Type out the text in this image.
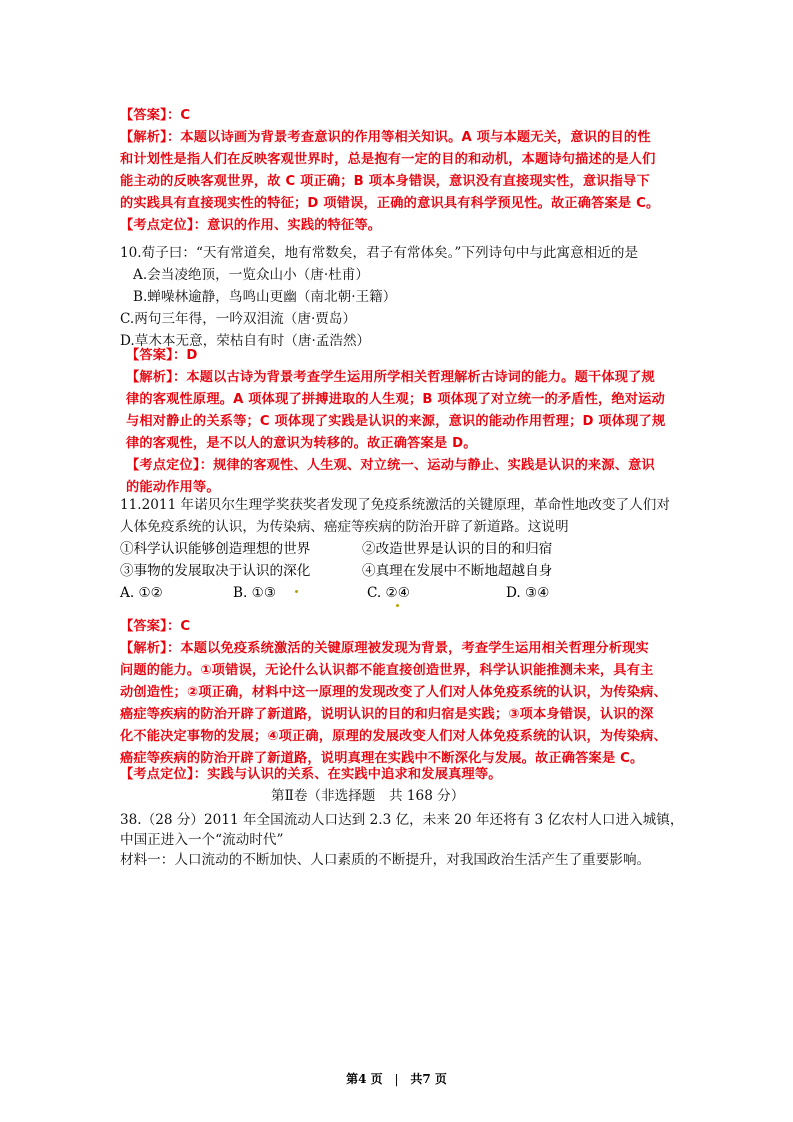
【答案】：C
【解析】：本题以诗画为背景考查意识的作用等相关知识。A 项与本题无关，意识的目的性
和计划性是指人们在反映客观世界时，总是抱有一定的目的和动机，本题诗句描述的是人们
能主动的反映客观世界，故 C 项正确；B 项本身错误，意识没有直接现实性，意识指导下
的实践具有直接现实性的特征；D 项错误，正确的意识具有科学预见性。故正确答案是 C。
【考点定位】：意识的作用、实践的特征等。
10.荀子曰：“天有常道矣，地有常数矣，君子有常体矣。”下列诗句中与此寓意相近的是
A.会当凌绝顶，一览众山小（唐·杜甫）
B.蝉噪林逾静，鸟鸣山更幽（南北朝·王籍）
C.两句三年得，一吟双泪流（唐·贾岛）
D.草木本无意，荣枯自有时（唐·孟浩然）
【答案】：D
【解析】：本题以古诗为背景考查学生运用所学相关哲理解析古诗词的能力。题干体现了规
律的客观性原理。A 项体现了拼搏进取的人生观；B 项体现了对立统一的矛盾性，绝对运动
与相对静止的关系等；C 项体现了实践是认识的来源，意识的能动作用哲理；D 项体现了规
律的客观性，是不以人的意识为转移的。故正确答案是 D。
【考点定位】：规律的客观性、人生观、对立统一、运动与静止、实践是认识的来源、意识
的能动作用等。
11.2011 年诺贝尔生理学奖获奖者发现了免疫系统激活的关键原理，革命性地改变了人们对
人体免疫系统的认识，为传染病、癌症等疾病的防治开辟了新道路。这说明
①科学认识能够创造理想的世界	②改造世界是认识的目的和归宿
③事物的发展取决于认识的深化	④真理在发展中不断地超越自身
A. ①②	B. ①③	C. ②④	D. ③④
【答案】：C
【解析】：本题以免疫系统激活的关键原理被发现为背景，考查学生运用相关哲理分析现实
问题的能力。①项错误，无论什么认识都不能直接创造世界，科学认识能推测未来，具有主
动创造性；②项正确，材料中这一原理的发现改变了人们对人体免疫系统的认识，为传染病、
癌症等疾病的防治开辟了新道路，说明认识的目的和归宿是实践；③项本身错误，认识的深
化不能决定事物的发展；④项正确，原理的发展改变人们对人体免疫系统的认识，为传染病、
癌症等疾病的防治开辟了新道路，说明真理在实践中不断深化与发展。故正确答案是 C。
【考点定位】：实践与认识的关系、在实践中追求和发展真理等。
第Ⅱ卷（非选择题　共 168 分）
38.（28 分）2011 年全国流动人口达到 2.3 亿，未来 20 年还将有 3 亿农村人口进入城镇，
中国正进入一个“流动时代”
材料一：人口流动的不断加快、人口素质的不断提升，对我国政治生活产生了重要影响。
第4 页 | 共7 页
